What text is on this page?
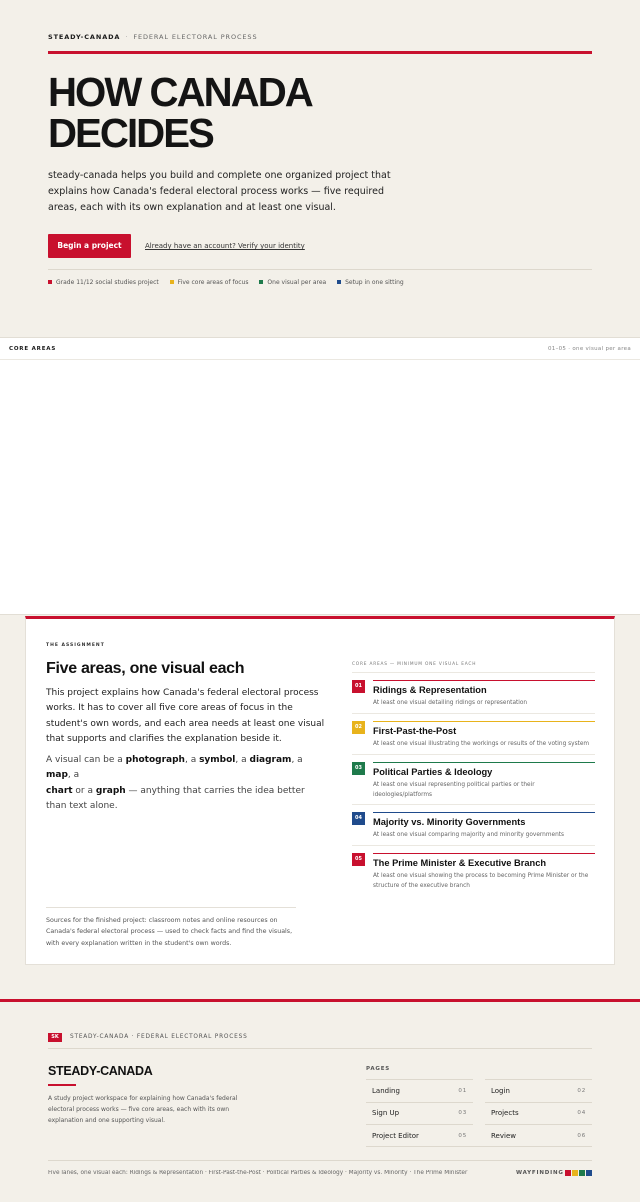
STEADY-CANADA · FEDERAL ELECTORAL PROCESS
HOW CANADA
DECIDES

steady-canada helps you build and complete one organized project that explains how Canada's federal electoral process works — five required areas, each with its own explanation and at least one visual.

Begin a project	Already have an account? Verify your identity
Grade 11/12 social studies project	Five core areas of focus	One visual per area	Setup in one sitting
CORE AREAS	01–05 · one visual per area
THE ASSIGNMENT
Five areas, one visual each

This project explains how Canada's federal electoral process works. It has to cover all five core areas of focus in the student's own words, and each area needs at least one visual that supports and clarifies the explanation beside it.

A visual can be a photograph, a symbol, a diagram, a map, a
chart or a graph — anything that carries the idea better than text alone.

Sources for the finished project: classroom notes and online resources on Canada's federal electoral process — used to check facts and find the visuals, with every explanation written in the student's own words.

CORE AREAS — MINIMUM ONE VISUAL EACH
01	Ridings & Representation
At least one visual detailing ridings or representation
02	First-Past-the-Post
At least one visual illustrating the workings or results of the voting system
03	Political Parties & Ideology
At least one visual representing political parties or their ideologies/platforms
04	Majority vs. Minority Governments
At least one visual comparing majority and minority governments
05	The Prime Minister & Executive Branch
At least one visual showing the process to becoming Prime Minister or the structure of the executive branch
SK	STEADY-CANADA · FEDERAL ELECTORAL PROCESS
STEADY-CANADA

A study project workspace for explaining how Canada's federal electoral process works — five core areas, each with its own explanation and one supporting visual.

PAGES
Landing	01	Login	02
Sign Up	03	Projects	04
Project Editor	05	Review	06
Five lanes, one visual each: Ridings & Representation · First-Past-the-Post · Political Parties & Ideology · Majority vs. Minority · The Prime Minister	WAYFINDING
